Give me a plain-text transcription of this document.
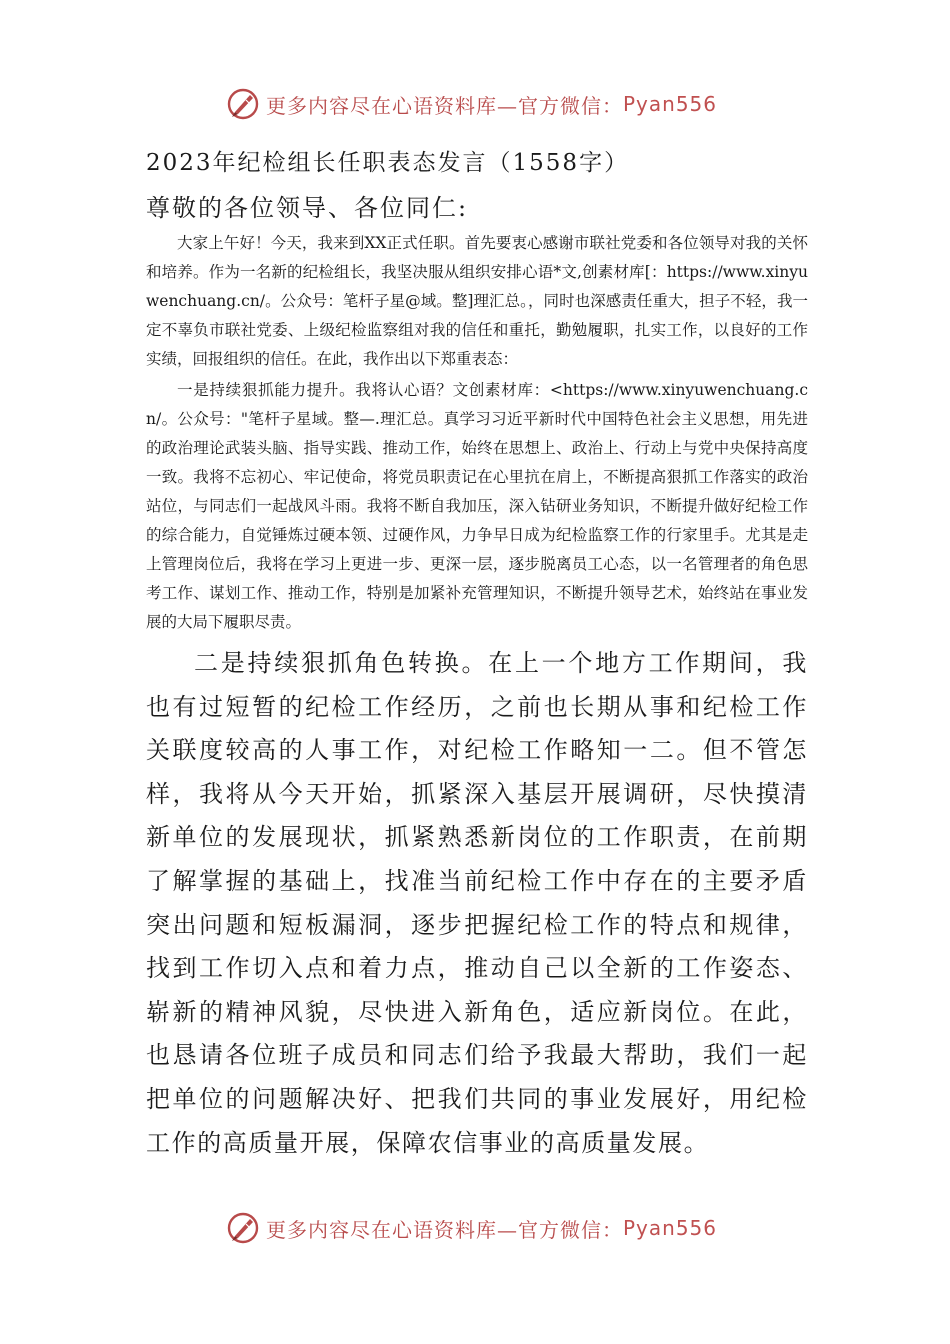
更多内容尽在心语资料库—官方微信： Pyan556
2023年纪检组长任职表态发言（1558字）
尊敬的各位领导、各位同仁:

大家上午好！今天，我来到XX正式任职。首先要衷心感谢市联社党委和各位领导对我的关怀和培养。作为一名新的纪检组长，我坚决服从组织安排心语*文,创素材库[：https://www.xinyuwenchuang.cn/。公众号：笔杆子星@域。整]理汇总。，同时也深感责任重大，担子不轻，我一定不辜负市联社党委、上级纪检监察组对我的信任和重托，勤勉履职，扎实工作，以良好的工作实绩，回报组织的信任。在此，我作出以下郑重表态：

一是持续狠抓能力提升。我将认心语？文创素材库：<https://www.xinyuwenchuang.cn/。公众号："笔杆子星域。整—.理汇总。真学习习近平新时代中国特色社会主义思想，用先进的政治理论武装头脑、指导实践、推动工作，始终在思想上、政治上、行动上与党中央保持高度一致。我将不忘初心、牢记使命，将党员职责记在心里抗在肩上，不断提高狠抓工作落实的政治站位，与同志们一起战风斗雨。我将不断自我加压，深入钻研业务知识，不断提升做好纪检工作的综合能力，自觉锤炼过硬本领、过硬作风，力争早日成为纪检监察工作的行家里手。尤其是走上管理岗位后，我将在学习上更进一步、更深一层，逐步脱离员工心态，以一名管理者的角色思考工作、谋划工作、推动工作，特别是加紧补充管理知识，不断提升领导艺术，始终站在事业发展的大局下履职尽责。

二是持续狠抓角色转换。在上一个地方工作期间，我也有过短暂的纪检工作经历，之前也长期从事和纪检工作关联度较高的人事工作，对纪检工作略知一二。但不管怎样，我将从今天开始，抓紧深入基层开展调研，尽快摸清新单位的发展现状，抓紧熟悉新岗位的工作职责，在前期了解掌握的基础上，找准当前纪检工作中存在的主要矛盾突出问题和短板漏洞，逐步把握纪检工作的特点和规律，找到工作切入点和着力点，推动自己以全新的工作姿态、崭新的精神风貌，尽快进入新角色，适应新岗位。在此，也恳请各位班子成员和同志们给予我最大帮助，我们一起把单位的问题解决好、把我们共同的事业发展好，用纪检工作的高质量开展，保障农信事业的高质量发展。

更多内容尽在心语资料库—官方微信： Pyan556
